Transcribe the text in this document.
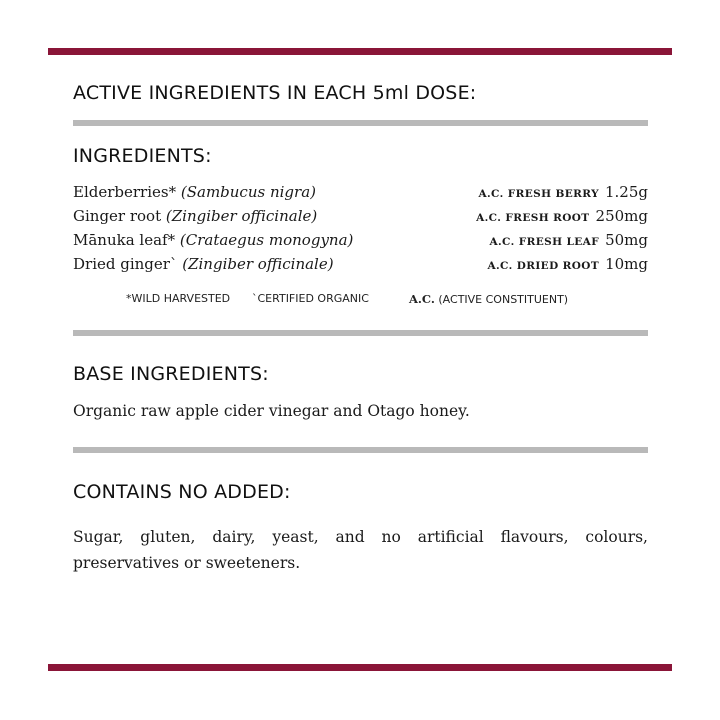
ACTIVE INGREDIENTS IN EACH 5ml DOSE:
INGREDIENTS:
Elderberries* (Sambucus nigra)	A.C. FRESH BERRY 1.25g
Ginger root (Zingiber officinale)	A.C. FRESH ROOT 250mg
Mānuka leaf* (Crataegus monogyna)	A.C. FRESH LEAF 50mg
Dried ginger` (Zingiber officinale)	A.C. DRIED ROOT 10mg
*WILD HARVESTED `CERTIFIED ORGANIC	A.C. (ACTIVE CONSTITUENT)
BASE INGREDIENTS:
Organic raw apple cider vinegar and Otago honey.
CONTAINS NO ADDED:
Sugar, gluten, dairy, yeast, and no artificial flavours, colours, preservatives or sweeteners.
